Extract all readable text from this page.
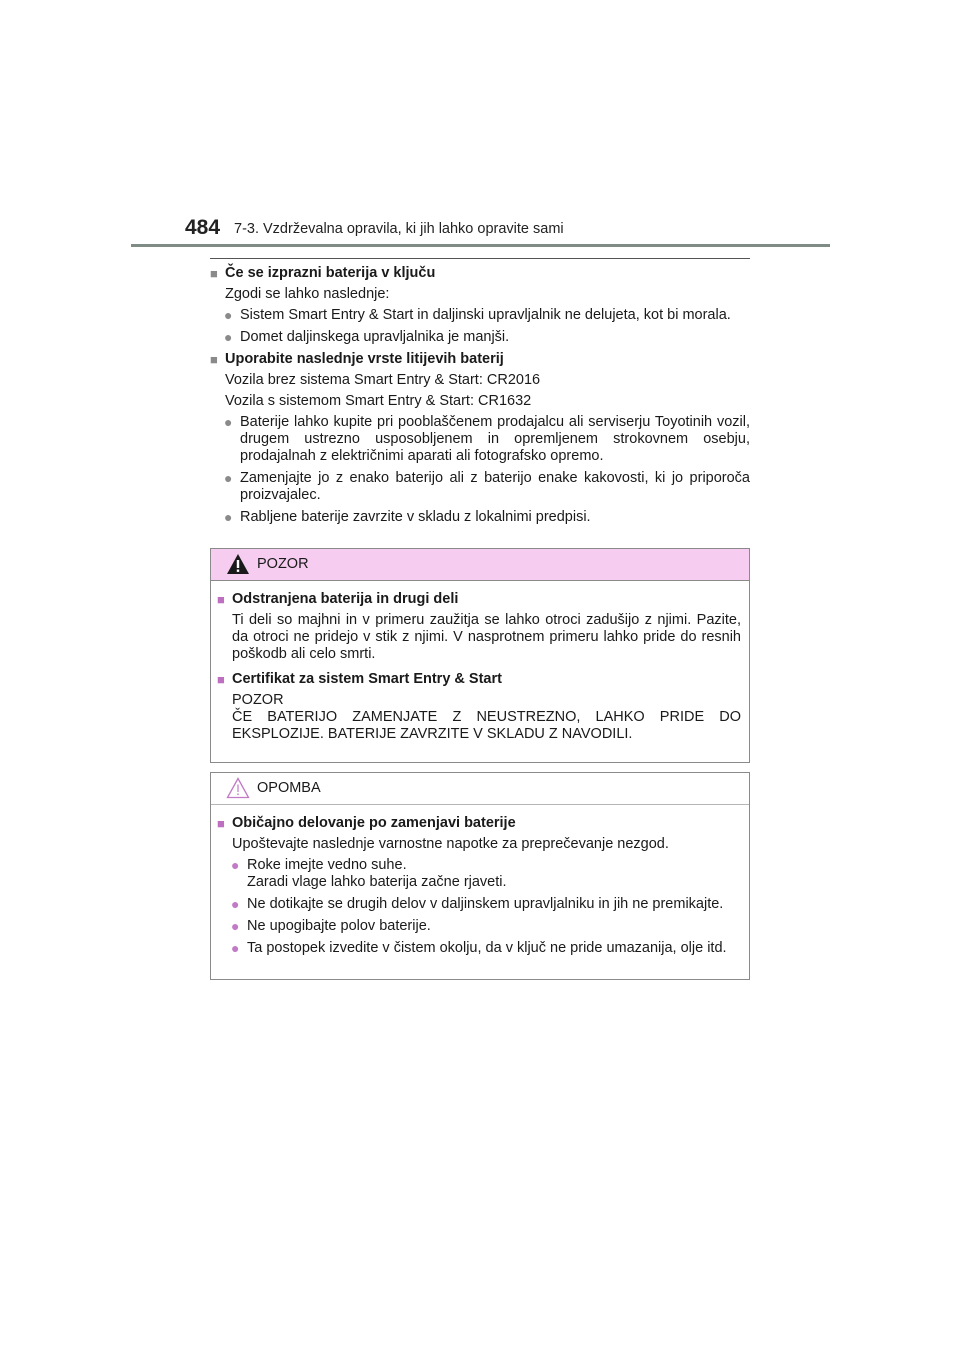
484 7-3. Vzdrževalna opravila, ki jih lahko opravite sami
■ Če se izprazni baterija v ključu
Zgodi se lahko naslednje:
● Sistem Smart Entry & Start in daljinski upravljalnik ne delujeta, kot bi morala.
● Domet daljinskega upravljalnika je manjši.
■ Uporabite naslednje vrste litijevih baterij
Vozila brez sistema Smart Entry & Start: CR2016
Vozila s sistemom Smart Entry & Start: CR1632
● Baterije lahko kupite pri pooblaščenem prodajalcu ali serviserju Toyotinih vozil, drugem ustrezno usposobljenem in opremljenem strokovnem osebju, prodajalnah z električnimi aparati ali fotografsko opremo.
● Zamenjajte jo z enako baterijo ali z baterijo enake kakovosti, ki jo priporoča proizvajalec.
● Rabljene baterije zavrzite v skladu z lokalnimi predpisi.
POZOR
■ Odstranjena baterija in drugi deli
Ti deli so majhni in v primeru zaužitja se lahko otroci zadušijo z njimi. Pazite, da otroci ne pridejo v stik z njimi. V nasprotnem primeru lahko pride do resnih poškodb ali celo smrti.
■ Certifikat za sistem Smart Entry & Start
POZOR
ČE BATERIJO ZAMENJATE Z NEUSTREZNO, LAHKO PRIDE DO EKSPLOZIJE. BATERIJE ZAVRZITE V SKLADU Z NAVODILI.
OPOMBA
■ Običajno delovanje po zamenjavi baterije
Upoštevajte naslednje varnostne napotke za preprečevanje nezgod.
● Roke imejte vedno suhe.
Zaradi vlage lahko baterija začne rjaveti.
● Ne dotikajte se drugih delov v daljinskem upravljalniku in jih ne premikajte.
● Ne upogibajte polov baterije.
● Ta postopek izvedite v čistem okolju, da v ključ ne pride umazanija, olje itd.
